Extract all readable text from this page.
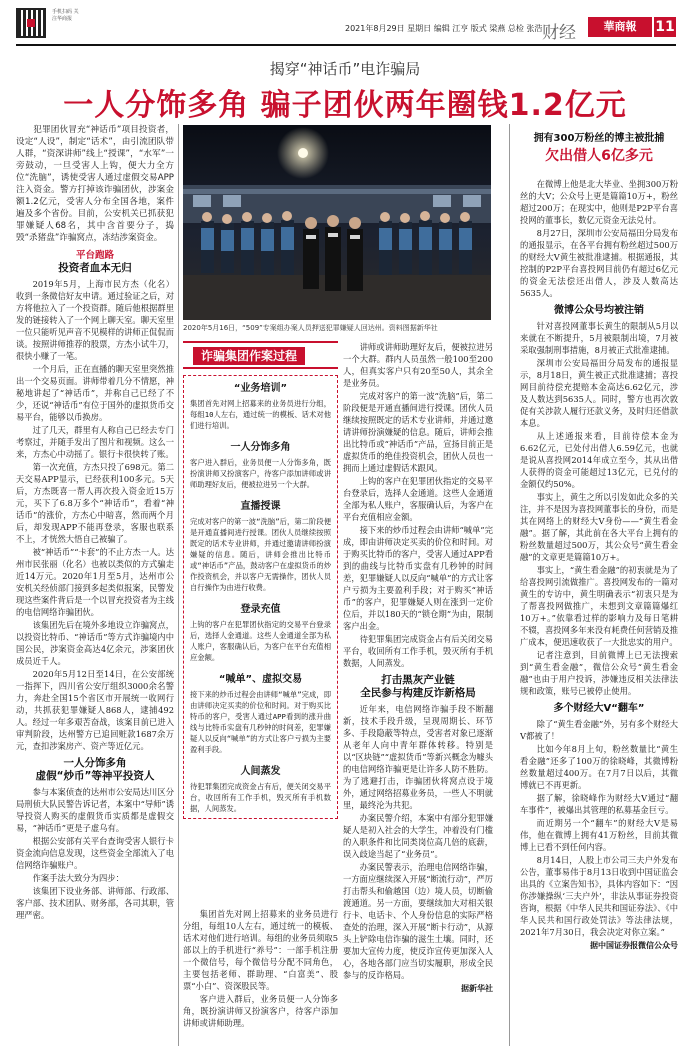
手机扫码 关注华商报
2021年8月29日 星期日 编辑 江亨 版式 梁燕 总检 张浩 财经	華商報	11
揭穿“神话币”电诈骗局
一人分饰多角 骗子团伙两年圈钱1.2亿元

犯罪团伙冒充“神话币”项目投资者，设定“人设”，制定“话术”，由引流团队带人群，“资深讲师”线上“授课”，“水军”一旁鼓动，一旦受害人上钩，便大力全方位“洗脑”，诱使受害人通过虚假交易APP注入资金。警方打掉该诈骗团伙，涉案金额1.2亿元，受害人分布全国各地，案件遍及多个省份。目前，公安机关已抓获犯罪嫌疑人68名，其中含首要分子，捣毁“杀猪盘”诈骗窝点，冻结涉案资金。

平台跑路
投资者血本无归

2019年5月，上海市民方杰（化名）收到一条微信好友申请。通过验证之后，对方将他拉入了一个投资群。随后他根据群里发的链接转入了一个网上聊天室。聊天室里一位只能听见声音不见模样的讲师正侃侃而谈。按照讲师推荐的股票，方杰小试牛刀，很快小赚了一笔。

一个月后，正在直播的聊天室里突然推出一个交易页面。讲师带着几分不情愿，神秘地讲起了“神话币”，并称自己已经了不少，还说“神话币”有位于国外的虚拟货币交易平台，能够以币换房。

过了几天，群里有人称自己已经去专门考察过，并随手发出了图片和视频。这么一来，方杰心中动摇了。银行卡很快转了账。

第一次充值，方杰只投了698元。第二天交易APP显示，已经获利100多元。5天后，方杰既喜一帮人再次投入资金近15万元，买下了6.8万多个“神话币”，看着“神话币”的涨价，方杰心中暗喜，然而两个月后，却发现APP不能再登录，客服也联系不上，才恍然大悟自己被骗了。

被“神话币”“卡套”的不止方杰一人。达州市民张丽（化名）也被以类似的方式骗走近14万元。2020年1月至5月，达州市公安机关经侦部门接到多起类似报案，民警发现这些案件背后是一个以冒充投资者为主线的电信网络诈骗团伙。

该集团先后在境外多地设立诈骗窝点，以投资比特币、“神话币”等方式诈骗境内中国公民，涉案资金高达4亿余元，涉案团伙成员近千人。

2020年5月12日至14日，在公安部统一指挥下，四川省公安厅组织3000余名警力，奔赴全国15个省区市开展统一收网行动，共抓获犯罪嫌疑人868人，逮捕492人。经过一年多艰苦奋战，该案目前已进入审判阶段，达州警方已追回赃款1687余万元，查扣涉案房产、资产等近亿元。

一人分饰多角
虚假“炒币”等神平投资人

参与本案侦查的达州市公安局达川区分局刑侦大队民警告诉记者，本案中“导师”诱导投资人购买的虚假货币实质都是虚假交易，“神话币”更是子虚乌有。

根据公安部有关平台查询受害人银行卡资金流向信息发现，这些资金全部流入了电信网络诈骗账户。

作案手法大致分为四步：

该集团下设业务部、讲师部、行政部、客户部、技术团队、财务部，各司其职，管理严密。

2020年5月16日，“509”专案组办案人员押送犯罪嫌疑人回达州。资料图据新华社
诈骗集团作案过程
“业务培训”
集团首先对网上招募来的业务员进行分组，每组10人左右，通过统一的模板、话术对他们进行培训。
一人分饰多角
客户进入群后，业务员便一人分饰多角，既扮演讲师又扮演客户，待客户添加讲师或讲师助理好友后，便被拉进另一个大群。
直播授课
完成对客户的第一波“洗脑”后，第二阶段便是开通直播间进行授课。团伙人员继续按照既定的话术专业讲师，并通过邀请讲师扮演嫌疑的信息。随后，讲师会推出比特币或“神话币”产品，鼓动客户在虚拟货币的炒作投资机会，并以客户无需操作，团伙人员自行操作为由进行收费。
登录充值
上钩的客户在犯罪团伙指定的交易平台登录后，选择人金通道。这些人金通道全部为私人账户，客服确认后，为客户在平台充值相应金额。
“喊单”、虚拟交易
接下来的炒币过程会由讲师“喊单”完成，即由讲师决定买卖的价位和时间。对于购买比特币的客户，受害人通过APP看到的涨升曲线与比特币实盘有几秒钟的时间差，犯罪嫌疑人以反向“喊单”的方式让客户亏损为主要盈利手段。
人间蒸发
待犯罪集团完成资金占有后，便关闭交易平台，收回所有工作手机，毁灭所有手机数据，人间蒸发。

集团首先对网上招募来的业务员进行分组，每组10人左右，通过统一的模板、话术对他们进行培训。每组的业务员须取5部以上的手机进行“养号”：一部手机注册一个微信号，每个微信号分配不同角色，主要包括老师、群助理、“白富美”、股票“小白”、资深股民等。

客户进入群后，业务员便一人分饰多角，既扮演讲师又扮演客户，待客户添加讲师或讲师助理。

讲师或讲师助理好友后，便被拉进另一个大群。群内人员虽然一般100至200人，但真实客户只有20至50人，其余全是业务员。

完成对客户的第一波“洗脑”后，第二阶段便是开通直播间进行授课。团伙人员继续按照既定的话术专业讲师，并通过邀请讲师扮演嫌疑的信息。随后，讲师会推出比特币或“神话币”产品，宣扬目前正是虚拟货币的绝佳投资机会，团伙人员也一拥而上通过虚假话术跟风。

上钩的客户在犯罪团伙指定的交易平台登录后，选择人金通道。这些人金通道全部为私人账户，客服确认后，为客户在平台充值相应金额。

接下来的炒币过程会由讲师“喊单”完成，即由讲师决定买卖的价位和时间。对于购买比特币的客户，受害人通过APP看到的曲线与比特币实盘有几秒钟的时间差，犯罪嫌疑人以反向“喊单”的方式让客户亏损为主要盈利手段；对于购买“神话币”的客户，犯罪嫌疑人则在涨到一定价位后，并以180天的“锁仓期”为由，限制客户出金。

待犯罪集团完成资金占有后关闭交易平台，收回所有工作手机，毁灭所有手机数据，人间蒸发。

打击黑灰产业链
全民参与构建反诈新格局

近年来，电信网络诈骗手段不断翻新，技术手段升级，呈现周期长、环节多、手段隐蔽等特点，受害者对象已逐渐从老年人向中青年群体转移。特别是以“区块链”“虚拟货币”等新兴概念为噱头的电信网络诈骗更是让许多人防不胜防。为了逃避打击，诈骗团伙将窝点设于境外，通过网络招募业务员，一些人不明就里，最终沦为共犯。

办案民警介绍，本案中有部分犯罪嫌疑人是初入社会的大学生，冲着没有门槛的入职条件和比同类岗位高几倍的底薪，误入歧途当起了“业务员”。

办案民警表示，治理电信网络诈骗，一方面应继续深入开展“断流行动”，严厉打击帮头和偷越国（边）境人员，切断偷渡通道。另一方面，要继续加大对相关银行卡、电话卡、个人身份信息的实际严格查处的治理，深入开展“断卡行动”，从源头上铲除电信诈骗的滋生土壤。同时，还要加大宣传力度，使反诈宣传更加深入人心，各地各部门应当切实履职，形成全民参与的反诈格局。

据新华社
拥有300万粉丝的博主被批捕
欠出借人6亿多元

在微博上他是北大毕业、坐拥300万粉丝的大V；公众号上更是篇篇10万+，粉丝超过200万；在现实中，他则是P2P平台喜投网的董事长，数亿元资金无法兑付。

8月27日，深圳市公安局福田分局发布的通报显示，在各平台拥有粉丝超过500万的财经大V黄生被批准逮捕。根据通报，其控制的P2P平台喜投网目前仍有超过6亿元的资金无法偿还出借人，涉及人数高达5635人。

微博公众号均被注销

针对喜投网董事长黄生的限制从5月以来就在不断提升，5月被限制出境，7月被采取强制刑事措施，8月被正式批准逮捕。

深圳市公安局福田分局发布的通报显示，8月18日，黄生被正式批准逮捕；喜投网目前待偿充提赔本金高达6.62亿元，涉及人数达到5635人。同时，警方也再次敦促有关涉款人履行还款义务，及时归还借款本息。

从上述通报来看，目前待偿本金为6.62亿元，已处付出借人6.59亿元，也就是说从喜投网2014年成立至今，其从出借人获得的资金可能超过13亿元，已兑付的金额仅约50%。

事实上，黄生之所以引发如此众多的关注，并不是因为喜投网董事长的身份，而是其在网络上的财经大V身份——“黄生看金融”。据了解，其此前在各大平台上拥有的粉丝数量超过500万，其公众号“黄生看金融”的文章更是篇篇10万+。

事实上，“黄生看金融”的初衷就是为了给喜投网引流做推广。喜投网发布的一篇对黄生的专访中，黄生明确表示“初衷只是为了帮喜投网做推广，未想到文章篇篇爆红10万+。”依靠看过样的影响力及每日笔耕不辍，喜投网多年来没有耗费任何营销及推广成本，便迅速收获了一大批忠实的用户。

记者注意到，目前微博上已无法搜索到“黄生看金融”，微信公众号“黄生看金融”也由于用户投诉，涉嫌违反相关法律法规和政策，账号已被停止使用。

多个财经大V“翻车”

除了“黄生看金融”外，另有多个财经大V都被了！

比如今年8月上旬，粉丝数量比“黄生看金融”还多了100万的徐晓峰，其微博粉丝数量超过400万。在7月7日以后，其微博就已不再更新。

据了解，徐晓峰作为财经大V通过“翻车事件”，被爆出其管理的私募基金巨亏。

而近期另一个“翻车”的财经大V是易伟，他在微博上拥有41万粉丝，目前其微博上已看不到任何内容。

8月14日，人股上市公司三夫户外发布公告，董事易伟于8月13日收到中国证监会出具的《立案告知书》，具体内容如下：“因你涉嫌操纵‘三夫户外’，非法从事证券投资咨询，根据《中华人民共和国证券法》、《中华人民共和国行政处罚法》等法律法规，2021年7月30日，我会决定对你立案。”

据中国证券报微信公众号
